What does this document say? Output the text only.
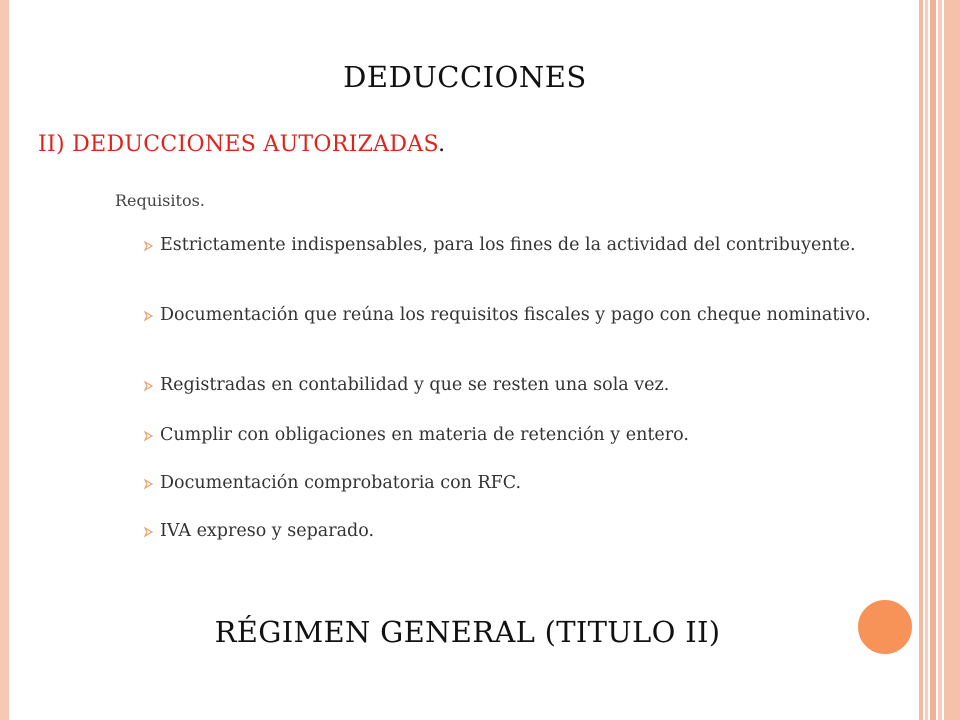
DEDUCCIONES
II) DEDUCCIONES AUTORIZADAS.
Requisitos.
Estrictamente indispensables, para los fines de la actividad del contribuyente.
Documentación que reúna los requisitos fiscales y pago con cheque nominativo.
Registradas en contabilidad y que se resten una sola vez.
Cumplir con obligaciones en materia de retención y entero.
Documentación comprobatoria con RFC.
IVA expreso y separado.
RÉGIMEN GENERAL (TITULO II)
